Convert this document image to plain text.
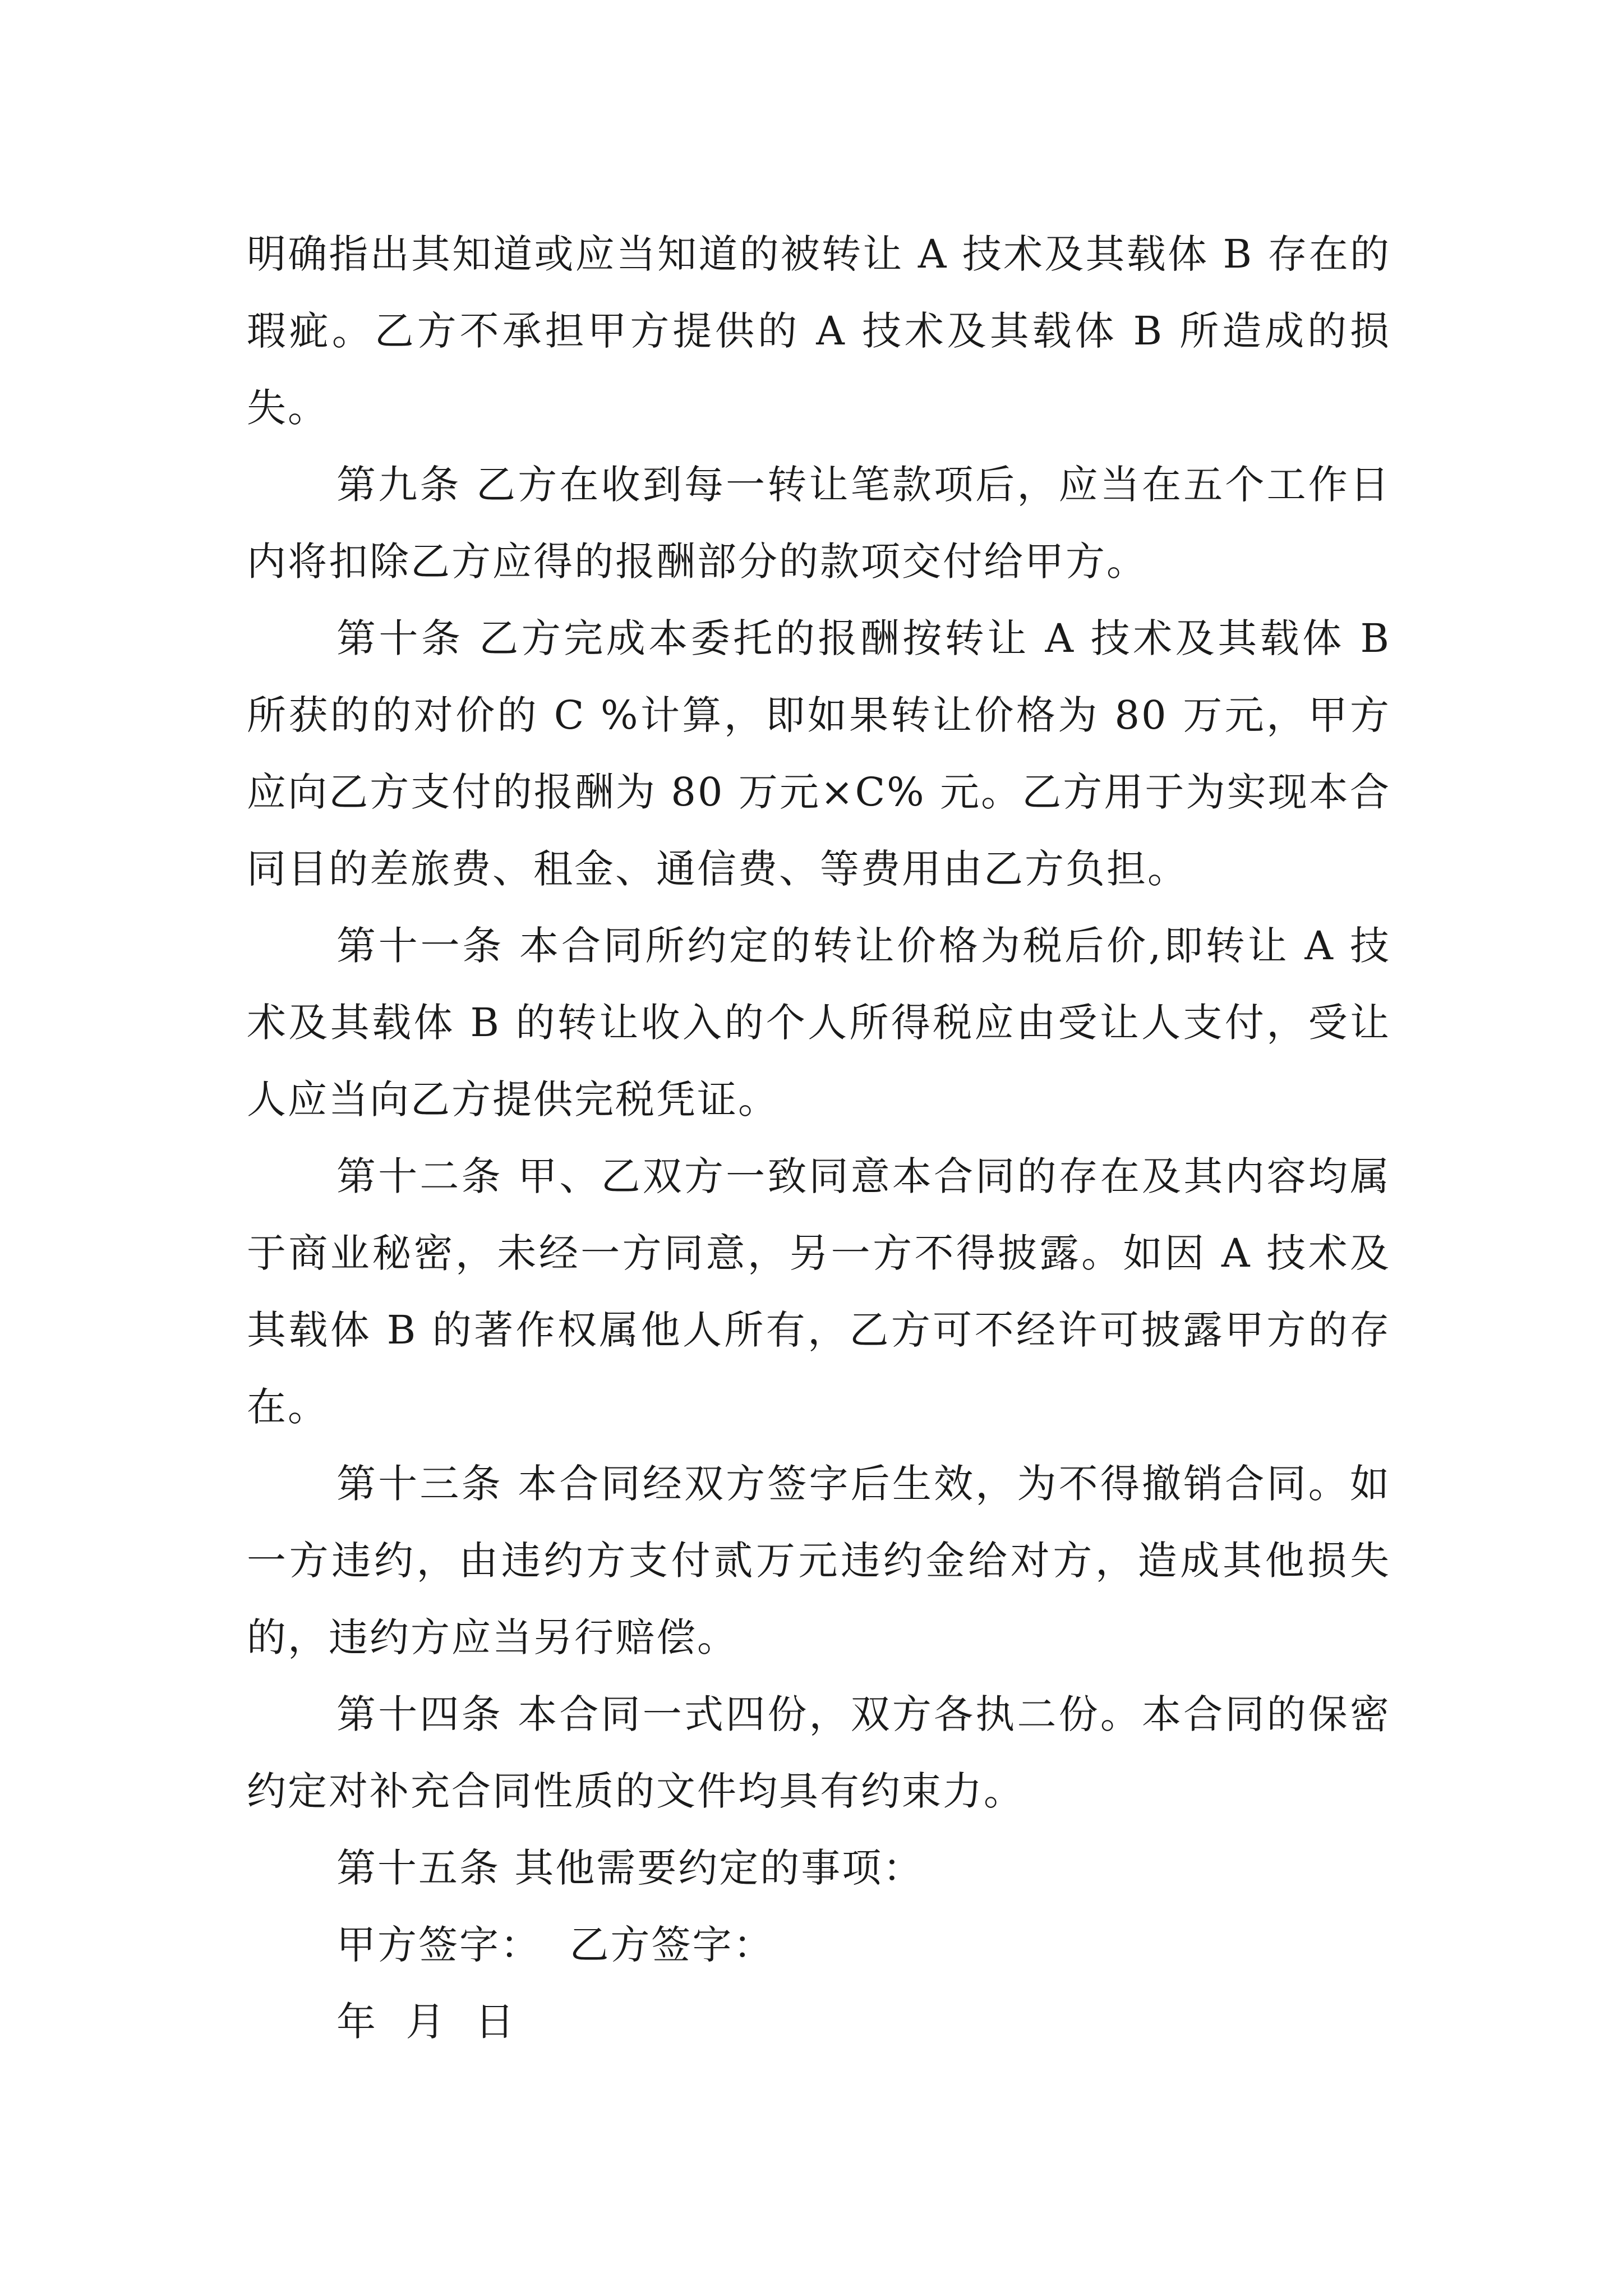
明确指出其知道或应当知道的被转让 A 技术及其载体 B 存在的瑕疵。乙方不承担甲方提供的 A 技术及其载体 B 所造成的损失。

第九条 乙方在收到每一转让笔款项后，应当在五个工作日内将扣除乙方应得的报酬部分的款项交付给甲方。

第十条 乙方完成本委托的报酬按转让 A 技术及其载体 B 所获的的对价的 C %计算，即如果转让价格为 80 万元，甲方应向乙方支付的报酬为 80 万元×C% 元。乙方用于为实现本合同目的差旅费、租金、通信费、等费用由乙方负担。

第十一条 本合同所约定的转让价格为税后价,即转让 A 技术及其载体 B 的转让收入的个人所得税应由受让人支付，受让人应当向乙方提供完税凭证。

第十二条 甲、乙双方一致同意本合同的存在及其内容均属于商业秘密，未经一方同意，另一方不得披露。如因 A 技术及其载体 B 的著作权属他人所有，乙方可不经许可披露甲方的存在。

第十三条 本合同经双方签字后生效，为不得撤销合同。如一方违约，由违约方支付贰万元违约金给对方，造成其他损失的，违约方应当另行赔偿。

第十四条 本合同一式四份，双方各执二份。本合同的保密约定对补充合同性质的文件均具有约束力。

第十五条 其他需要约定的事项：

甲方签字：  乙方签字：

年  月  日
